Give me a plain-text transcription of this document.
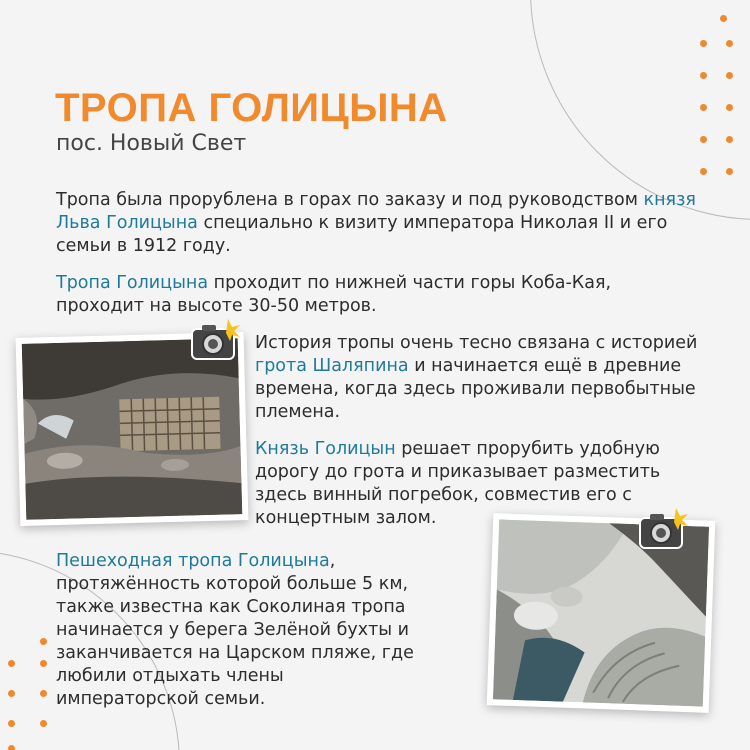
ТРОПА ГОЛИЦЫНА
пос. Новый Свет

Тропа была прорублена в горах по заказу и под руководством князя Льва Голицына специально к визиту императора Николая II и его семьи в 1912 году.

Тропа Голицына проходит по нижней части горы Коба-Кая, проходит на высоте 30-50 метров.

История тропы очень тесно связана с историей грота Шаляпина и начинается ещё в древние времена, когда здесь проживали первобытные племена.

Князь Голицын решает прорубить удобную дорогу до грота и приказывает разместить здесь винный погребок, совместив его с концертным залом.

Пешеходная тропа Голицына, протяжённость которой больше 5 км, также известна как Соколиная тропа начинается у берега Зелёной бухты и заканчивается на Царском пляже, где любили отдыхать члены императорской семьи.
